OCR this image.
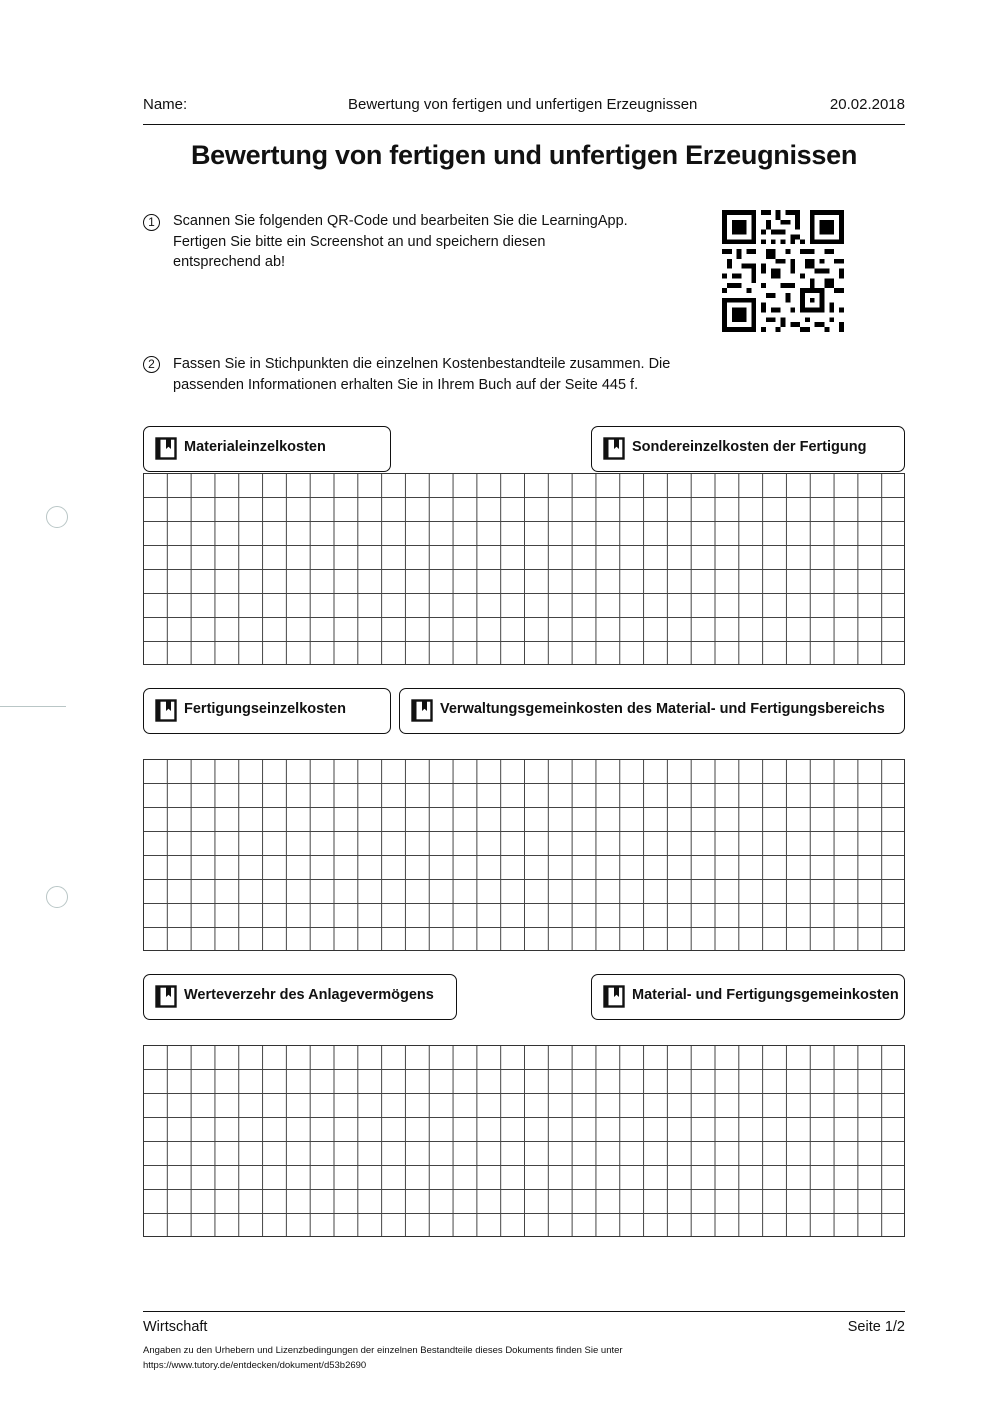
Name:	Bewertung von fertigen und unfertigen Erzeugnissen	20.02.2018
Bewertung von fertigen und unfertigen Erzeugnissen
1	Scannen Sie folgenden QR-Code und bearbeiten Sie die LearningApp.
Fertigen Sie bitte ein Screenshot an und speichern diesen
entsprechend ab!
2	Fassen Sie in Stichpunkten die einzelnen Kostenbestandteile zusammen. Die
passenden Informationen erhalten Sie in Ihrem Buch auf der Seite 445 f.
Materialeinzelkosten	Sondereinzelkosten der Fertigung
Fertigungseinzelkosten	Verwaltungsgemeinkosten des Material- und Fertigungsbereichs
Werteverzehr des Anlagevermögens	Material- und Fertigungsgemeinkosten
Wirtschaft	Seite 1/2
Angaben zu den Urhebern und Lizenzbedingungen der einzelnen Bestandteile dieses Dokuments finden Sie unter
https://www.tutory.de/entdecken/dokument/d53b2690
